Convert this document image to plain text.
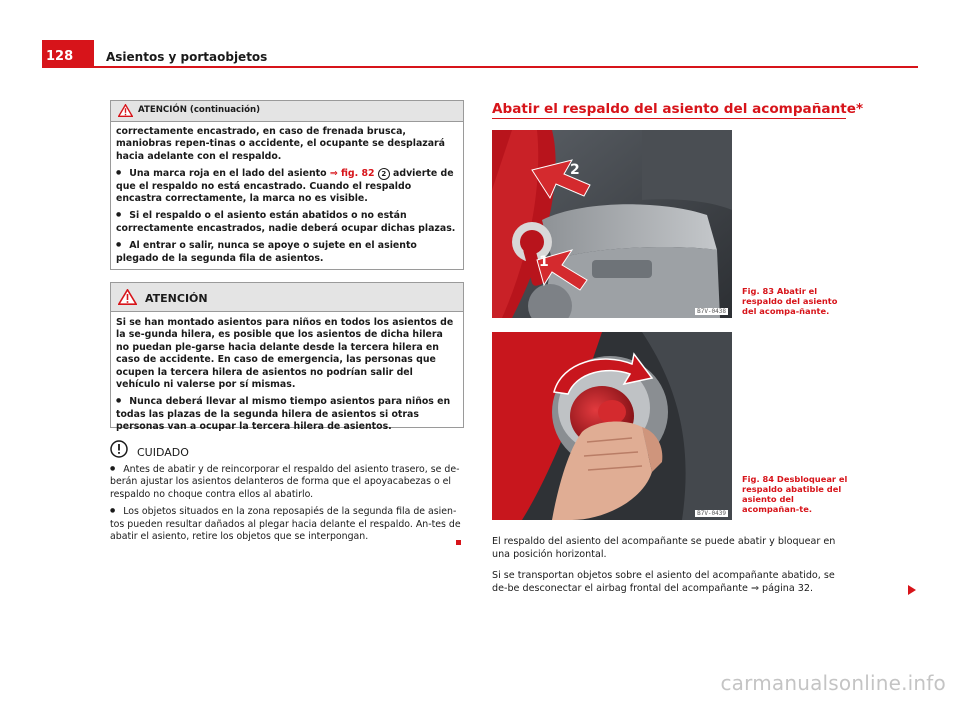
128	Asientos y portaobjetos
ATENCIÓN (continuación)

correctamente encastrado, en caso de frenada brusca, maniobras repen-tinas o accidente, el ocupante se desplazará hacia adelante con el respaldo.

● Una marca roja en el lado del asiento ⇒ fig. 82 2 advierte de que el respaldo no está encastrado. Cuando el respaldo encastra correctamente, la marca no es visible.

● Si el respaldo o el asiento están abatidos o no están correctamente encastrados, nadie deberá ocupar dichas plazas.

● Al entrar o salir, nunca se apoye o sujete en el asiento plegado de la segunda fila de asientos.

ATENCIÓN

Si se han montado asientos para niños en todos los asientos de la se-gunda hilera, es posible que los asientos de dicha hilera no puedan ple-garse hacia delante desde la tercera hilera en caso de accidente. En caso de emergencia, las personas que ocupen la tercera hilera de asientos no podrían salir del vehículo ni valerse por sí mismas.

● Nunca deberá llevar al mismo tiempo asientos para niños en todas las plazas de la segunda hilera de asientos si otras personas van a ocupar la tercera hilera de asientos.

CUIDADO

● Antes de abatir y de reincorporar el respaldo del asiento trasero, se de-berán ajustar los asientos delanteros de forma que el apoyacabezas o el respaldo no choque contra ellos al abatirlo.

● Los objetos situados en la zona reposapiés de la segunda fila de asien-tos pueden resultar dañados al plegar hacia delante el respaldo. An-tes de abatir el asiento, retire los objetos que se interpongan.

Abatir el respaldo del asiento del acompañante*
2
1
B7V-0438
Fig. 83 Abatir el respaldo del asiento del acompa-ñante.
B7V-0439
Fig. 84 Desbloquear el respaldo abatible del asiento del acompañan-te.

El respaldo del asiento del acompañante se puede abatir y bloquear en una posición horizontal.

Si se transportan objetos sobre el asiento del acompañante abatido, se de-be desconectar el airbag frontal del acompañante ⇒ página 32.

carmanualsonline.info
